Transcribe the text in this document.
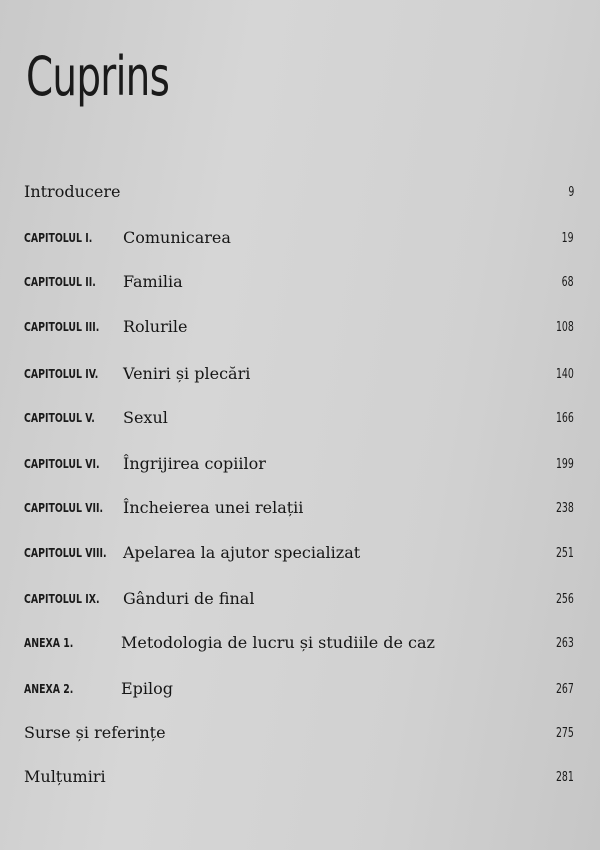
Cuprins
Introducere	9
CAPITOLUL I. Comunicarea	19
CAPITOLUL II. Familia	68
CAPITOLUL III. Rolurile	108
CAPITOLUL IV. Veniri și plecări	140
CAPITOLUL V. Sexul	166
CAPITOLUL VI. Îngrijirea copiilor	199
CAPITOLUL VII. Încheierea unei relații	238
CAPITOLUL VIII. Apelarea la ajutor specializat	251
CAPITOLUL IX. Gânduri de final	256
ANEXA 1.	Metodologia de lucru și studiile de caz	263
ANEXA 2.	Epilog	267
Surse și referințe	275
Mulțumiri	281
